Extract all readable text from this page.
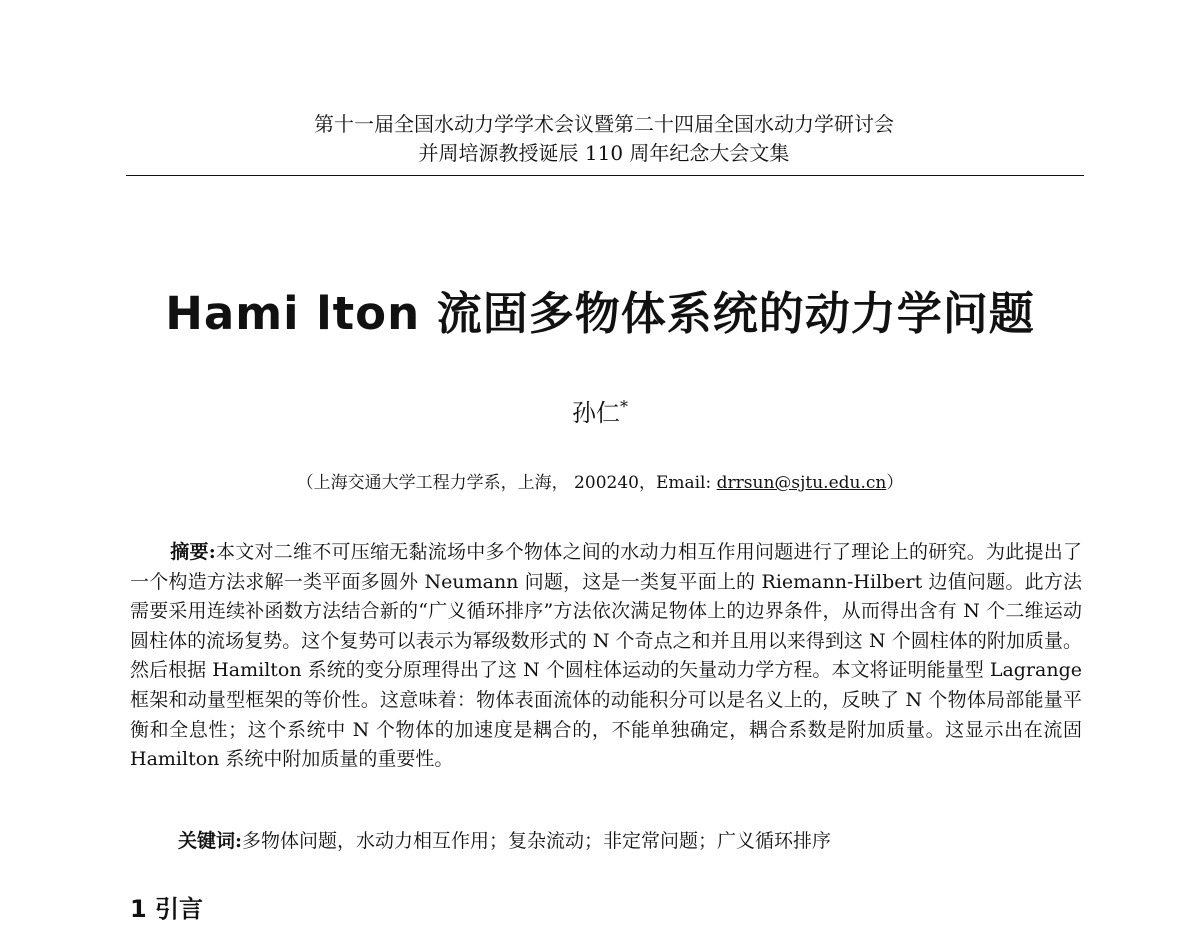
第十一届全国水动力学学术会议暨第二十四届全国水动力学研讨会
并周培源教授诞辰 110 周年纪念大会文集
Hami lton 流固多物体系统的动力学问题
孙仁*
（上海交通大学工程力学系，上海， 200240，Email: drrsun@sjtu.edu.cn）
摘要:本文对二维不可压缩无黏流场中多个物体之间的水动力相互作用问题进行了理论上的研究。为此提出了一个构造方法求解一类平面多圆外 Neumann 问题，这是一类复平面上的 Riemann-Hilbert 边值问题。此方法需要采用连续补函数方法结合新的“广义循环排序”方法依次满足物体上的边界条件，从而得出含有 N 个二维运动圆柱体的流场复势。这个复势可以表示为幂级数形式的 N 个奇点之和并且用以来得到这 N 个圆柱体的附加质量。然后根据 Hamilton 系统的变分原理得出了这 N 个圆柱体运动的矢量动力学方程。本文将证明能量型 Lagrange 框架和动量型框架的等价性。这意味着：物体表面流体的动能积分可以是名义上的，反映了 N 个物体局部能量平衡和全息性；这个系统中 N 个物体的加速度是耦合的，不能单独确定，耦合系数是附加质量。这显示出在流固 Hamilton 系统中附加质量的重要性。
关键词:多物体问题，水动力相互作用；复杂流动；非定常问题；广义循环排序
1 引言
